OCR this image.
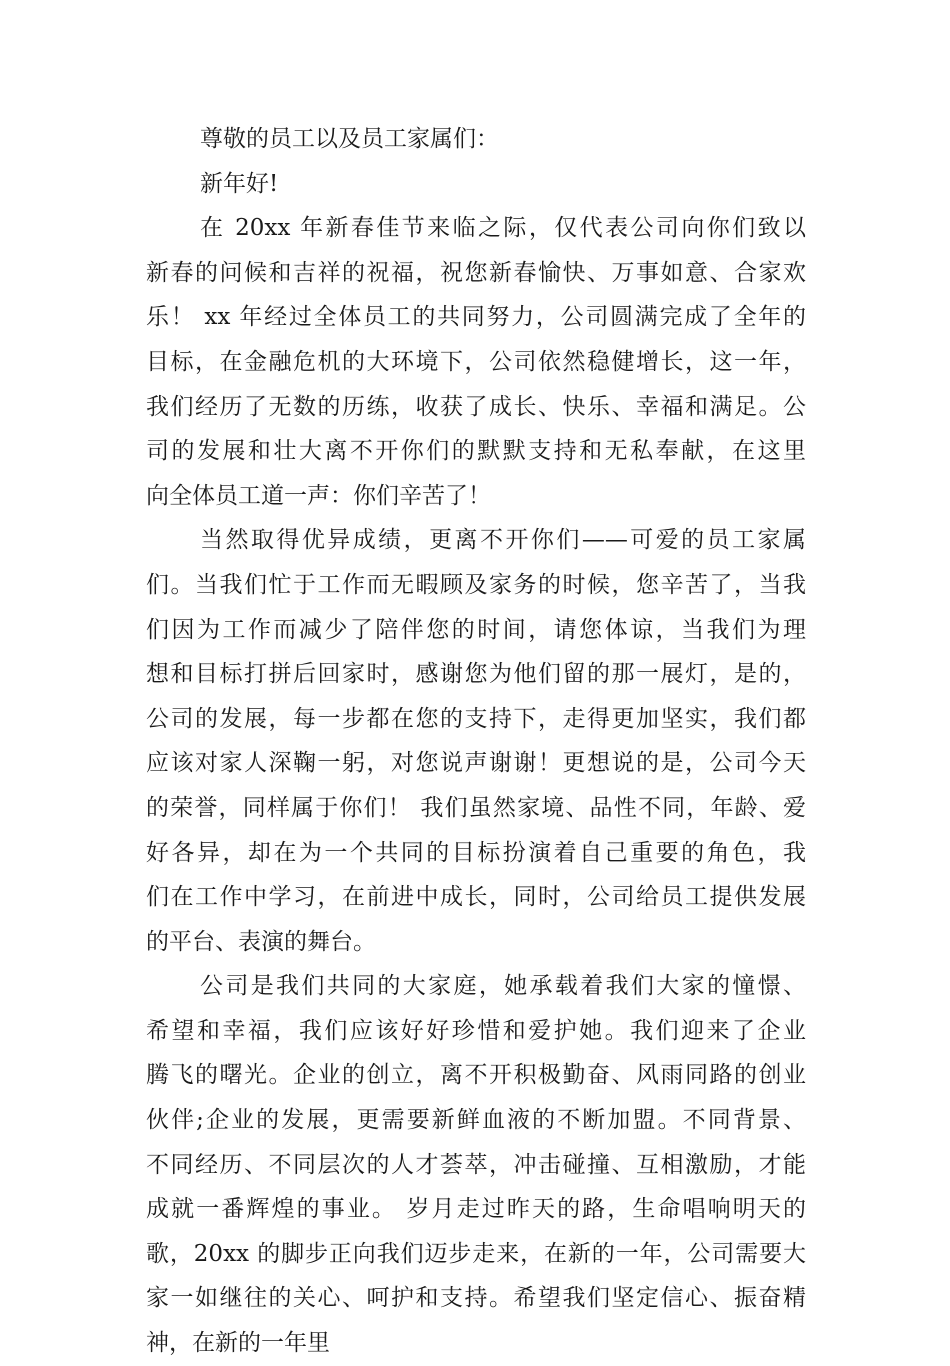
尊敬的员工以及员工家属们：
新年好!
在 20xx 年新春佳节来临之际，仅代表公司向你们致以
新春的问候和吉祥的祝福，祝您新春愉快、万事如意、合家欢
乐！ xx 年经过全体员工的共同努力，公司圆满完成了全年的
目标，在金融危机的大环境下，公司依然稳健增长，这一年，
我们经历了无数的历练，收获了成长、快乐、幸福和满足。公
司的发展和壮大离不开你们的默默支持和无私奉献，在这里
向全体员工道一声：你们辛苦了！
当然取得优异成绩，更离不开你们——可爱的员工家属
们。当我们忙于工作而无暇顾及家务的时候，您辛苦了，当我
们因为工作而减少了陪伴您的时间，请您体谅，当我们为理
想和目标打拼后回家时，感谢您为他们留的那一展灯，是的，
公司的发展，每一步都在您的支持下，走得更加坚实，我们都
应该对家人深鞠一躬，对您说声谢谢！更想说的是，公司今天
的荣誉，同样属于你们！ 我们虽然家境、品性不同，年龄、爱
好各异，却在为一个共同的目标扮演着自己重要的角色，我
们在工作中学习，在前进中成长，同时，公司给员工提供发展
的平台、表演的舞台。
公司是我们共同的大家庭，她承载着我们大家的憧憬、
希望和幸福，我们应该好好珍惜和爱护她。我们迎来了企业
腾飞的曙光。企业的创立，离不开积极勤奋、风雨同路的创业
伙伴;企业的发展，更需要新鲜血液的不断加盟。不同背景、
不同经历、不同层次的人才荟萃，冲击碰撞、互相激励，才能
成就一番辉煌的事业。 岁月走过昨天的路，生命唱响明天的
歌，20xx 的脚步正向我们迈步走来，在新的一年，公司需要大
家一如继往的关心、呵护和支持。希望我们坚定信心、振奋精
神，在新的一年里
